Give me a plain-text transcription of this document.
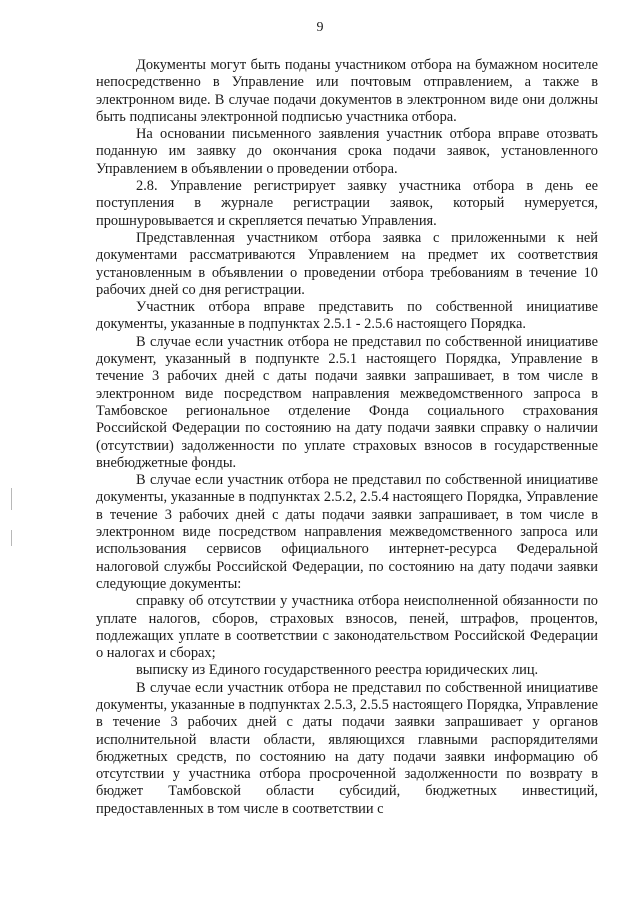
9

Документы могут быть поданы участником отбора на бумажном носителе непосредственно в Управление или почтовым отправлением, а также в электронном виде. В случае подачи документов в электронном виде они должны быть подписаны электронной подписью участника отбора.

На основании письменного заявления участник отбора вправе отозвать поданную им заявку до окончания срока подачи заявок, установленного Управлением в объявлении о проведении отбора.

2.8. Управление регистрирует заявку участника отбора в день ее поступления в журнале регистрации заявок, который нумеруется, прошнуровывается и скрепляется печатью Управления.

Представленная участником отбора заявка с приложенными к ней документами рассматриваются Управлением на предмет их соответствия установленным в объявлении о проведении отбора требованиям в течение 10 рабочих дней со дня регистрации.

Участник отбора вправе представить по собственной инициативе документы, указанные в подпунктах 2.5.1 - 2.5.6 настоящего Порядка.

В случае если участник отбора не представил по собственной инициативе документ, указанный в подпункте 2.5.1 настоящего Порядка, Управление в течение 3 рабочих дней с даты подачи заявки запрашивает, в том числе в электронном виде посредством направления межведомственного запроса в Тамбовское региональное отделение Фонда социального страхования Российской Федерации по состоянию на дату подачи заявки справку о наличии (отсутствии) задолженности по уплате страховых взносов в государственные внебюджетные фонды.

В случае если участник отбора не представил по собственной инициативе документы, указанные в подпунктах 2.5.2, 2.5.4 настоящего Порядка, Управление в течение 3 рабочих дней с даты подачи заявки запрашивает, в том числе в электронном виде посредством направления межведомственного запроса или использования сервисов официального интернет-ресурса Федеральной налоговой службы Российской Федерации, по состоянию на дату подачи заявки следующие документы:

справку об отсутствии у участника отбора неисполненной обязанности по уплате налогов, сборов, страховых взносов, пеней, штрафов, процентов, подлежащих уплате в соответствии с законодательством Российской Федерации о налогах и сборах;

выписку из Единого государственного реестра юридических лиц.

В случае если участник отбора не представил по собственной инициативе документы, указанные в подпунктах 2.5.3, 2.5.5 настоящего Порядка, Управление в течение 3 рабочих дней с даты подачи заявки запрашивает у органов исполнительной власти области, являющихся главными распорядителями бюджетных средств, по состоянию на дату подачи заявки информацию об отсутствии у участника отбора просроченной задолженности по возврату в бюджет Тамбовской области субсидий, бюджетных инвестиций, предоставленных в том числе в соответствии с
